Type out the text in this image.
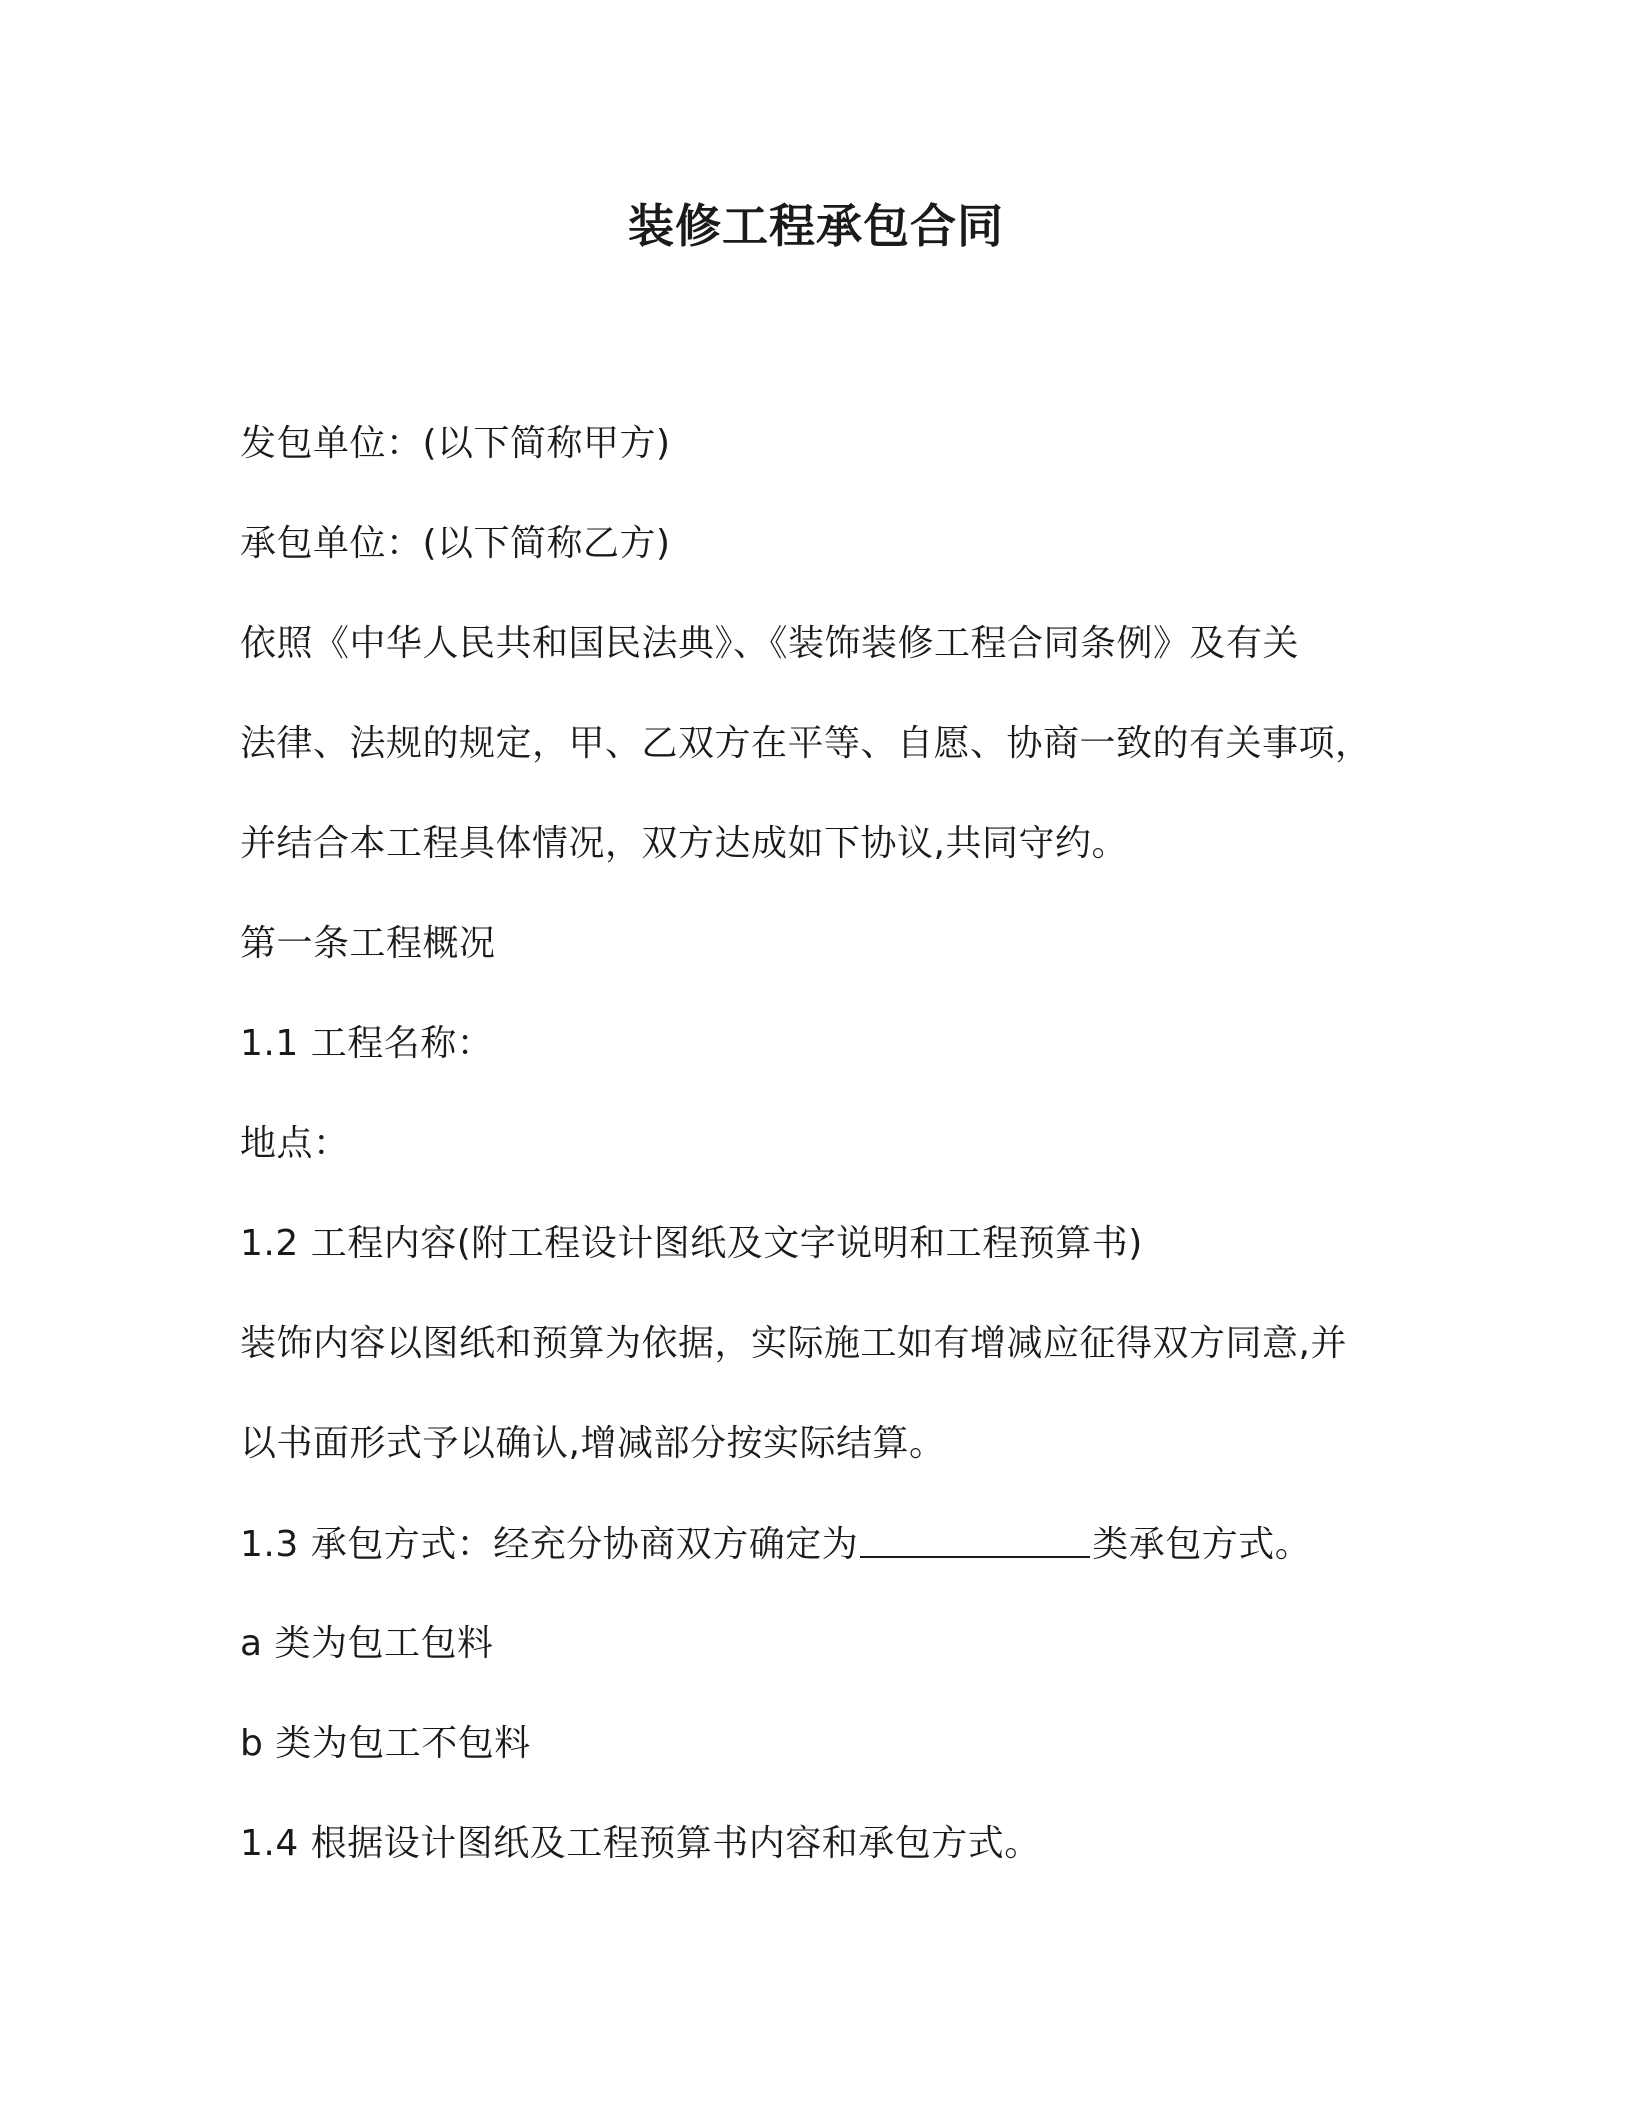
装修工程承包合同
发包单位：(以下简称甲方)
承包单位：(以下简称乙方)
依照《中华人民共和国民法典》、《装饰装修工程合同条例》及有关
法律、法规的规定，甲、乙双方在平等、自愿、协商一致的有关事项，
并结合本工程具体情况，双方达成如下协议,共同守约。
第一条工程概况
1.1 工程名称：
地点：
1.2 工程内容(附工程设计图纸及文字说明和工程预算书)
装饰内容以图纸和预算为依据，实际施工如有增减应征得双方同意,并
以书面形式予以确认,增减部分按实际结算。
1.3 承包方式：经充分协商双方确定为	类承包方式。
a 类为包工包料
b 类为包工不包料
1.4 根据设计图纸及工程预算书内容和承包方式。
